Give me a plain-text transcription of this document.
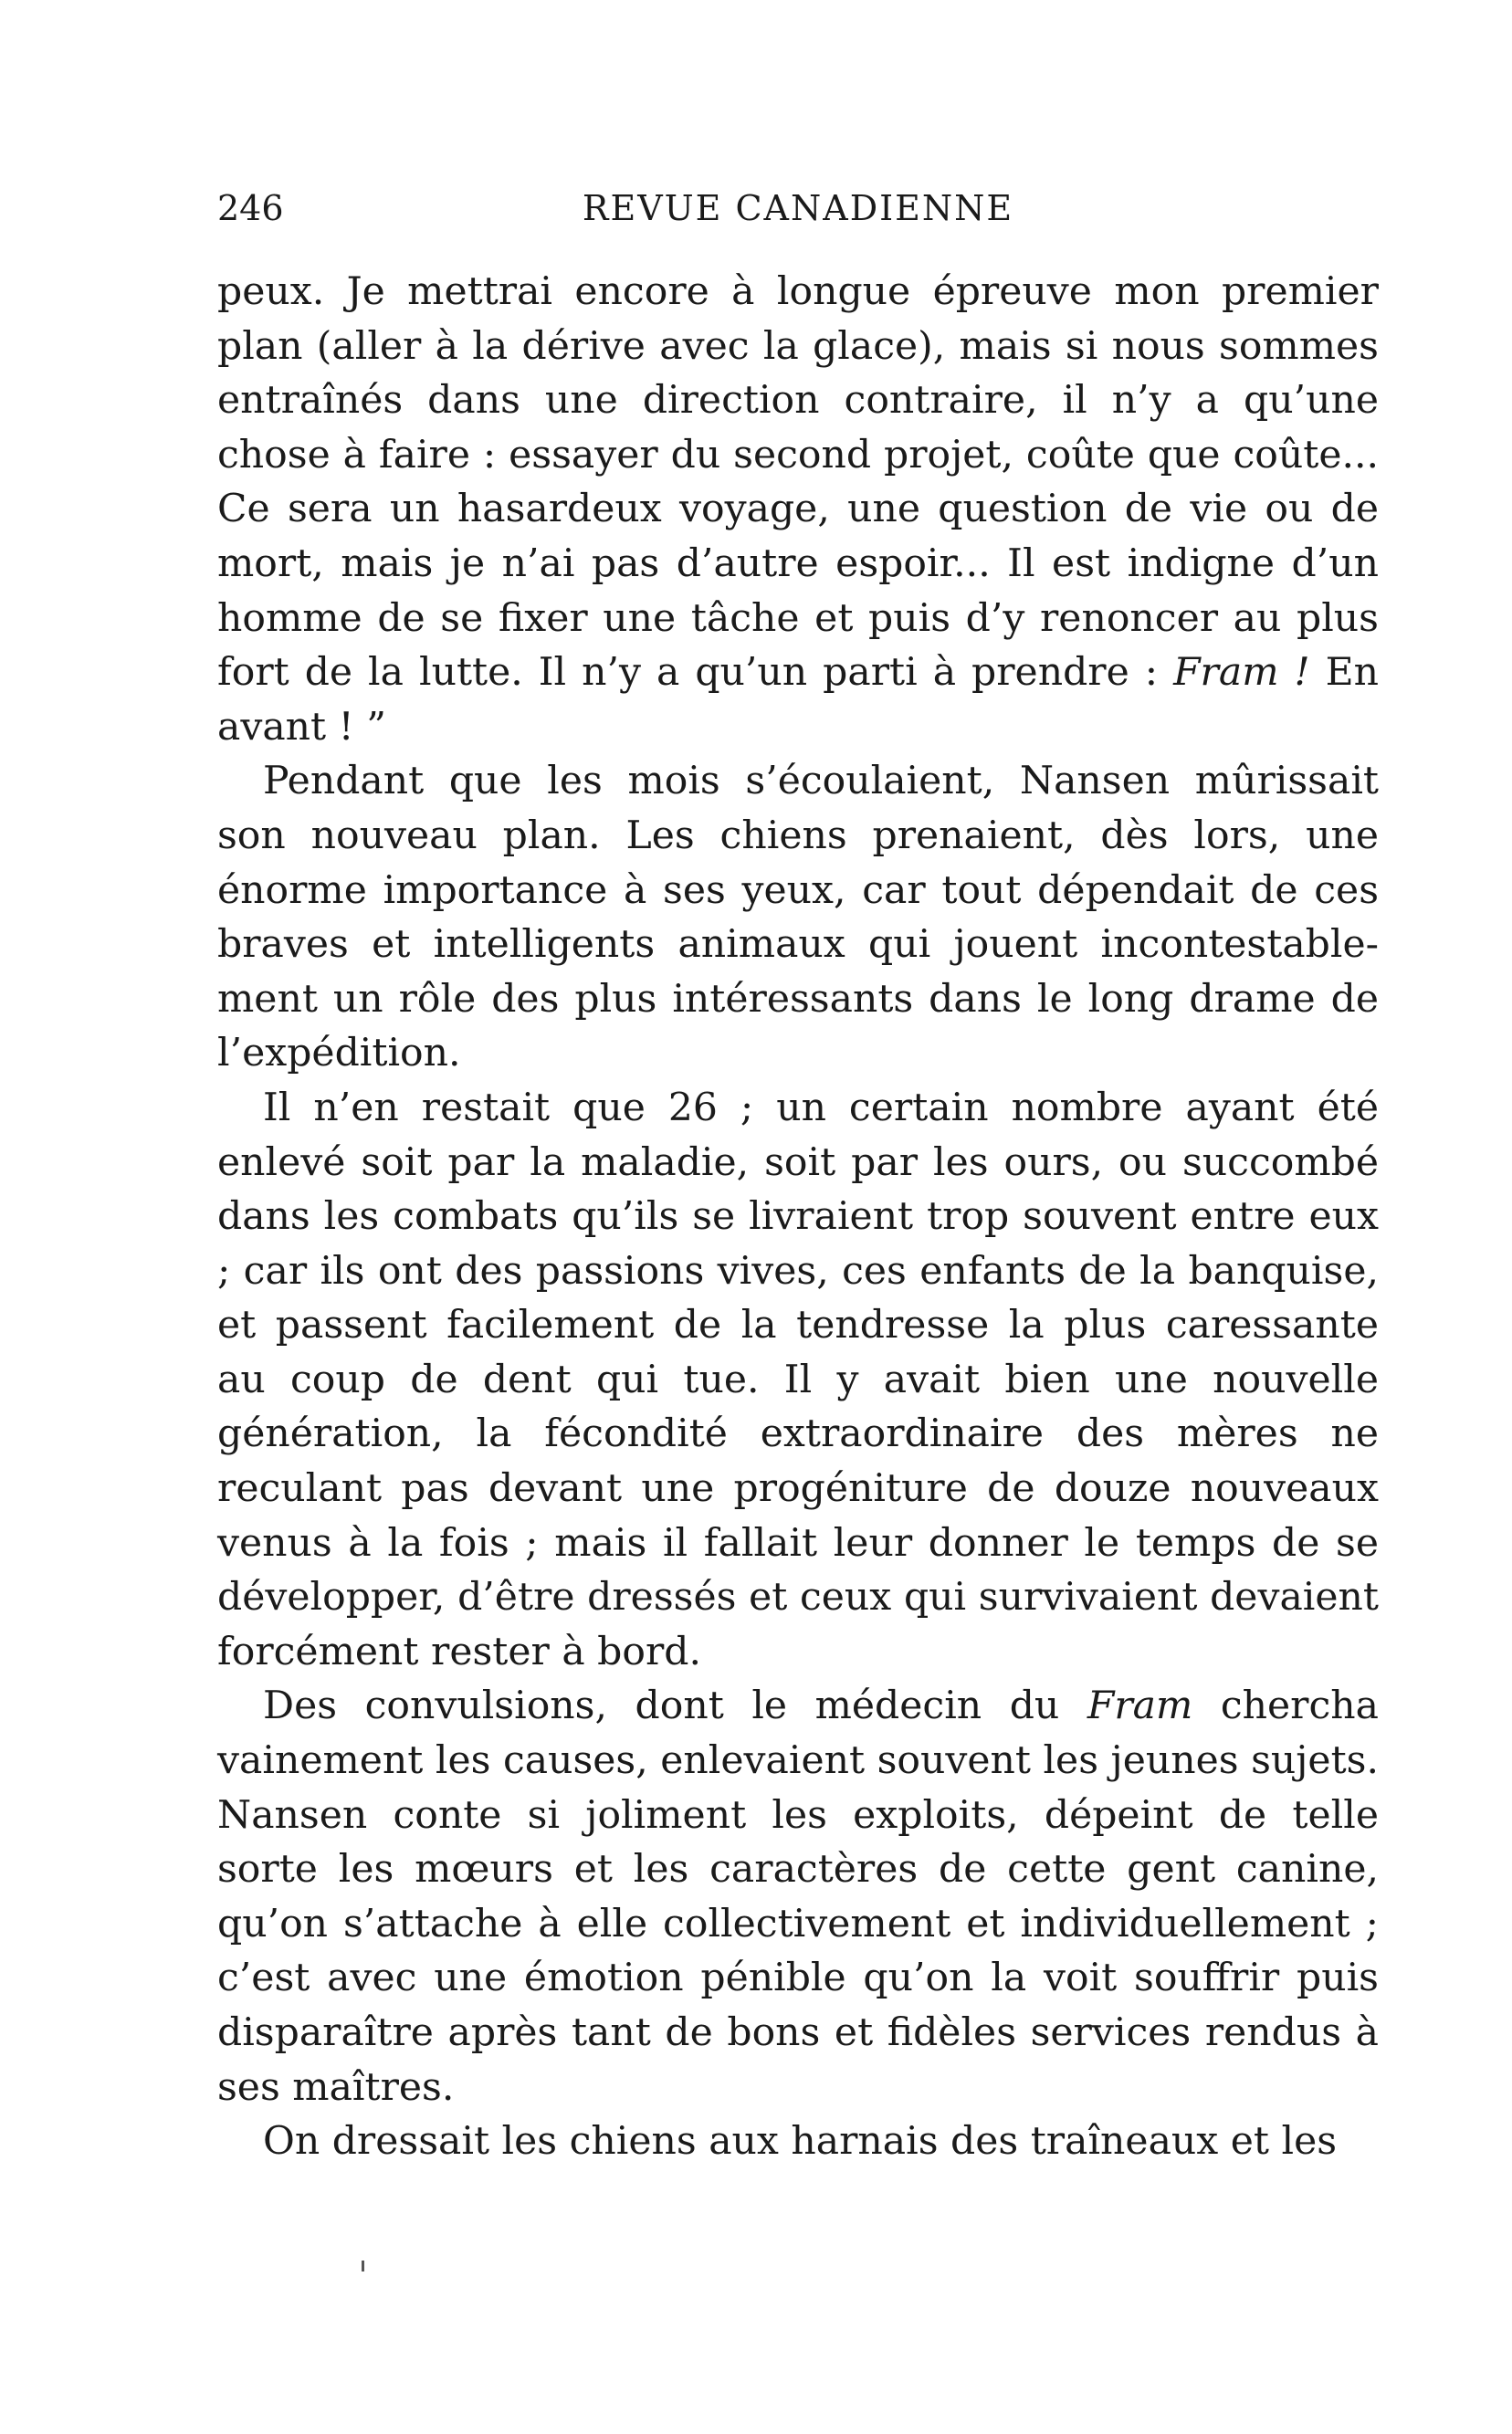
246	REVUE CANADIENNE

peux. Je mettrai encore à longue épreuve mon premier plan (aller à la dérive avec la glace), mais si nous sommes entraînés dans une direction contraire, il n’y a qu’une chose à faire : essayer du second projet, coûte que coûte... Ce sera un hasardeux voyage, une question de vie ou de mort, mais je n’ai pas d’autre espoir... Il est indigne d’un homme de se fixer une tâche et puis d’y renoncer au plus fort de la lutte. Il n’y a qu’un parti à prendre : Fram ! En avant ! ”

Pendant que les mois s’écoulaient, Nansen mûrissait son nouveau plan. Les chiens prenaient, dès lors, une énorme importance à ses yeux, car tout dépendait de ces braves et intelligents animaux qui jouent incontestablement un rôle des plus intéressants dans le long drame de l’expédition.

Il n’en restait que 26 ; un certain nombre ayant été enlevé soit par la maladie, soit par les ours, ou succombé dans les combats qu’ils se livraient trop souvent entre eux ; car ils ont des passions vives, ces enfants de la banquise, et passent facilement de la tendresse la plus caressante au coup de dent qui tue. Il y avait bien une nouvelle génération, la fécondité extraordinaire des mères ne reculant pas devant une progéniture de douze nouveaux venus à la fois ; mais il fallait leur donner le temps de se développer, d’être dressés et ceux qui survivaient devaient forcément rester à bord.

Des convulsions, dont le médecin du Fram chercha vainement les causes, enlevaient souvent les jeunes sujets. Nansen conte si joliment les exploits, dépeint de telle sorte les mœurs et les caractères de cette gent canine, qu’on s’attache à elle collectivement et individuellement ; c’est avec une émotion pénible qu’on la voit souffrir puis disparaître après tant de bons et fidèles services rendus à ses maîtres.

On dressait les chiens aux harnais des traîneaux et les
